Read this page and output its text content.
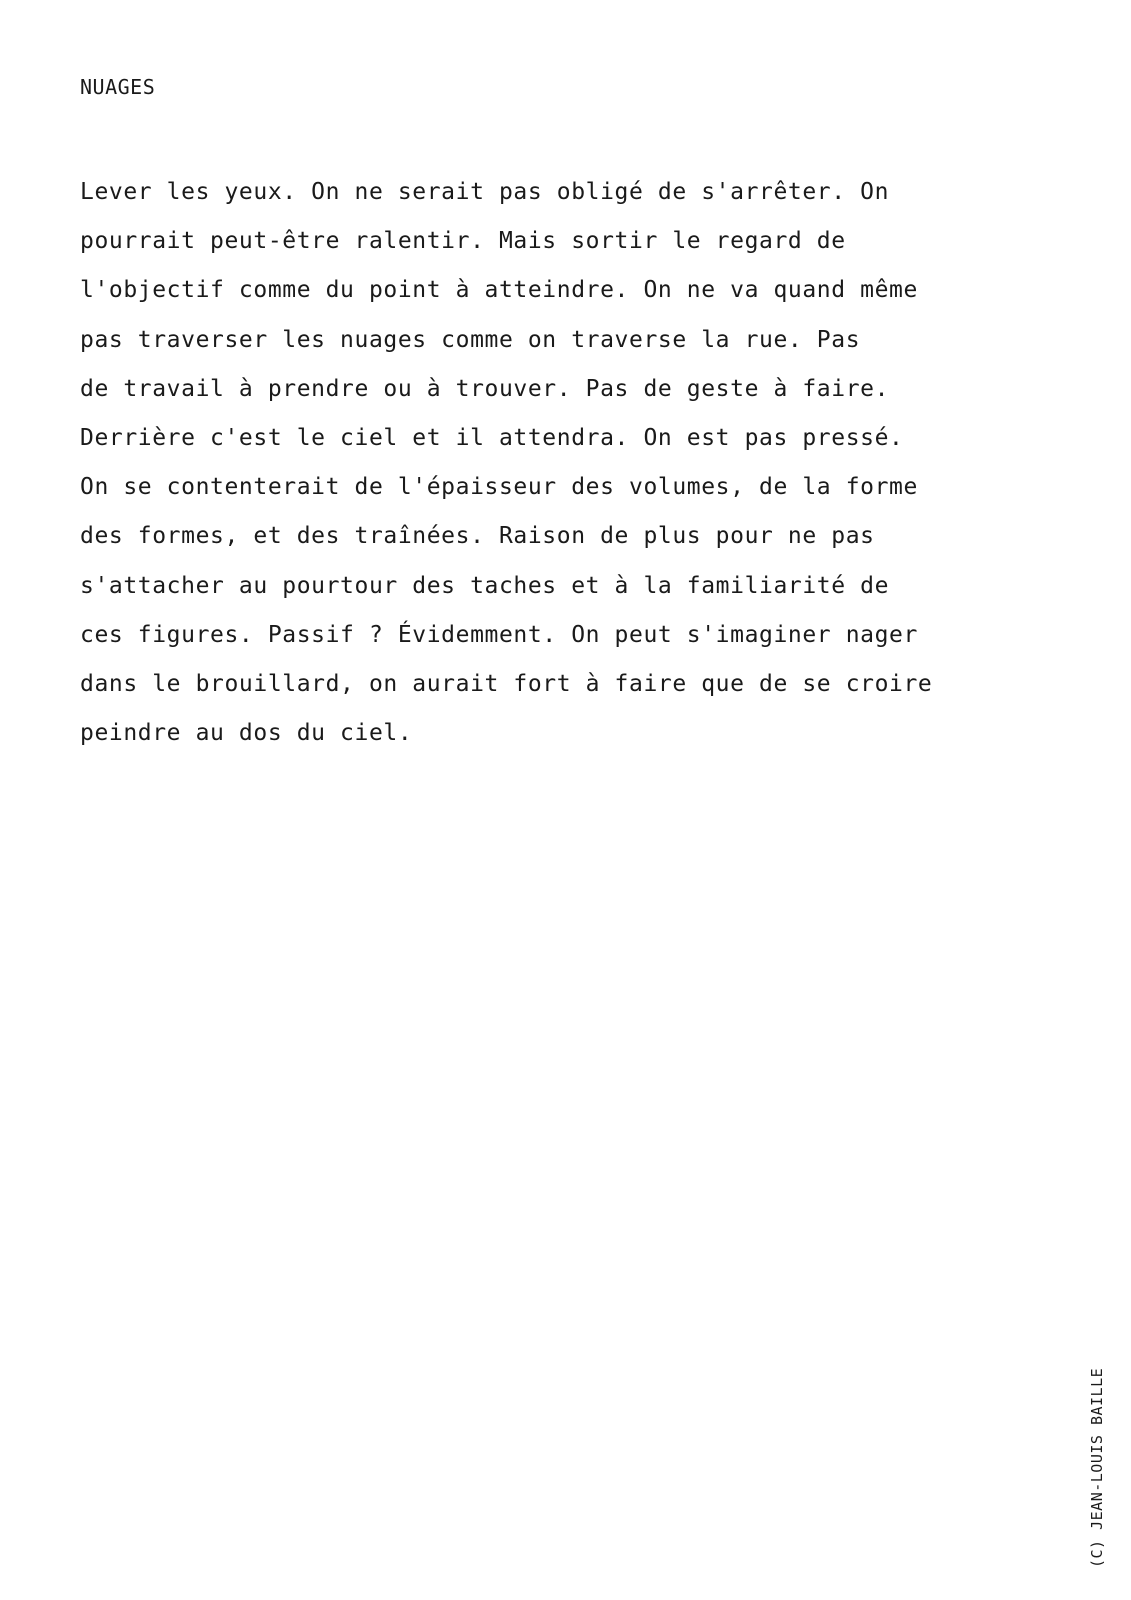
NUAGES
Lever les yeux. On ne serait pas obligé de s'arrêter. On
pourrait peut-être ralentir. Mais sortir le regard de
l'objectif comme du point à atteindre. On ne va quand même
pas traverser les nuages comme on traverse la rue. Pas
de travail à prendre ou à trouver. Pas de geste à faire.
Derrière c'est le ciel et il attendra. On est pas pressé.
On se contenterait de l'épaisseur des volumes, de la forme
des formes, et des traînées. Raison de plus pour ne pas
s'attacher au pourtour des taches et à la familiarité de
ces figures. Passif ? Évidemment. On peut s'imaginer nager
dans le brouillard, on aurait fort à faire que de se croire
peindre au dos du ciel.
(C) JEAN-LOUIS BAILLE
